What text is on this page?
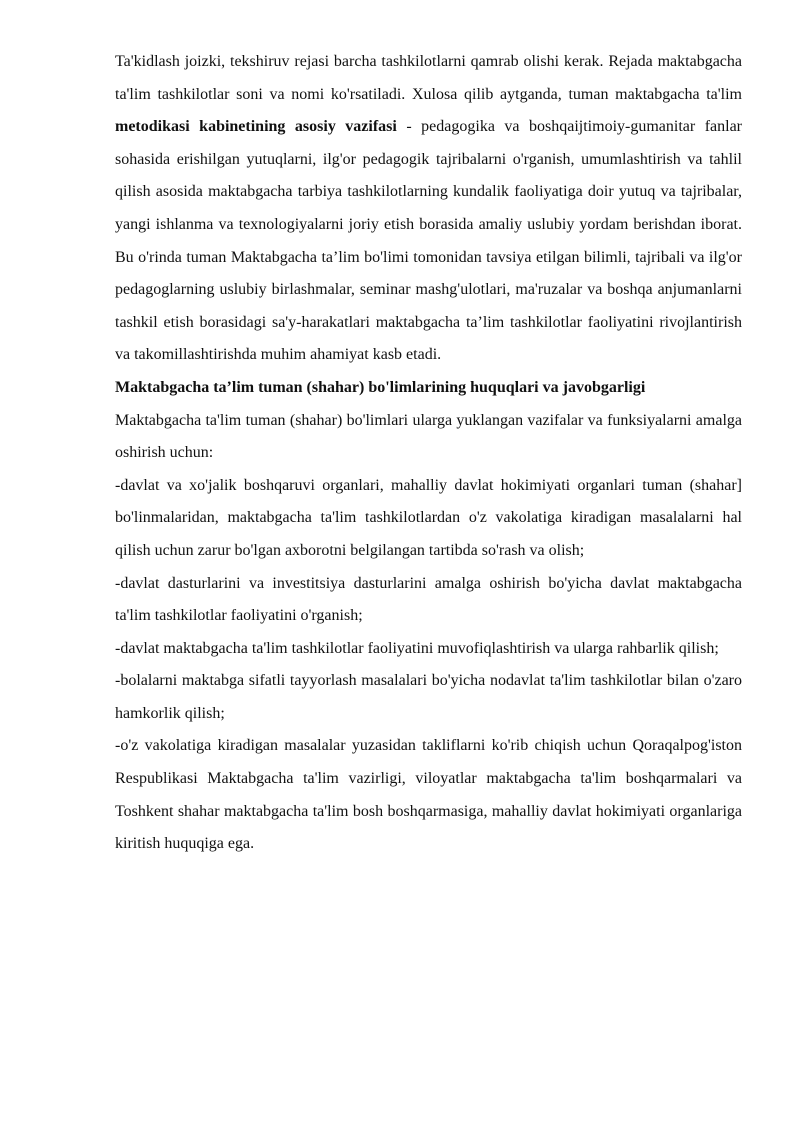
Ta'kidlash joizki, tekshiruv rejasi barcha tashkilotlarni qamrab olishi kerak. Rejada maktabgacha ta'lim tashkilotlar soni va nomi ko'rsatiladi. Xulosa qilib aytganda, tuman maktabgacha ta'lim metodikasi kabinetining asosiy vazifasi - pedagogika va boshqaijtimoiy-gumanitar fanlar sohasida erishilgan yutuqlarni, ilg'or pedagogik tajribalarni o'rganish, umumlashtirish va tahlil qilish asosida maktabgacha tarbiya tashkilotlarning kundalik faoliyatiga doir yutuq va tajribalar, yangi ishlanma va texnologiyalarni joriy etish borasida amaliy uslubiy yordam berishdan iborat. Bu o'rinda tuman Maktabgacha ta’lim bo'limi tomonidan tavsiya etilgan bilimli, tajribali va ilg'or pedagoglarning uslubiy birlashmalar, seminar mashg'ulotlari, ma'ruzalar va boshqa anjumanlarni tashkil etish borasidagi sa'y-harakatlari maktabgacha ta’lim tashkilotlar faoliyatini rivojlantirish va takomillashtirishda muhim ahamiyat kasb etadi.

Maktabgacha ta’lim tuman (shahar) bo'limlarining huquqlari va javobgarligi

Maktabgacha ta'lim tuman (shahar) bo'limlari ularga yuklangan vazifalar va funksiyalarni amalga oshirish uchun:

-davlat va xo'jalik boshqaruvi organlari, mahalliy davlat hokimiyati organlari tuman (shahar] bo'linmalaridan, maktabgacha ta'lim tashkilotlardan o'z vakolatiga kiradigan masalalarni hal qilish uchun zarur bo'lgan axborotni belgilangan tartibda so'rash va olish;

-davlat dasturlarini va investitsiya dasturlarini amalga oshirish bo'yicha davlat maktabgacha ta'lim tashkilotlar faoliyatini o'rganish;

-davlat maktabgacha ta'lim tashkilotlar faoliyatini muvofiqlashtirish va ularga rahbarlik qilish;

-bolalarni maktabga sifatli tayyorlash masalalari bo'yicha nodavlat ta'lim tashkilotlar bilan o'zaro hamkorlik qilish;

-o'z vakolatiga kiradigan masalalar yuzasidan takliflarni ko'rib chiqish uchun Qoraqalpog'iston Respublikasi Maktabgacha ta'lim vazirligi, viloyatlar maktabgacha ta'lim boshqarmalari va Toshkent shahar maktabgacha ta'lim bosh boshqarmasiga, mahalliy davlat hokimiyati organlariga kiritish huquqiga ega.
